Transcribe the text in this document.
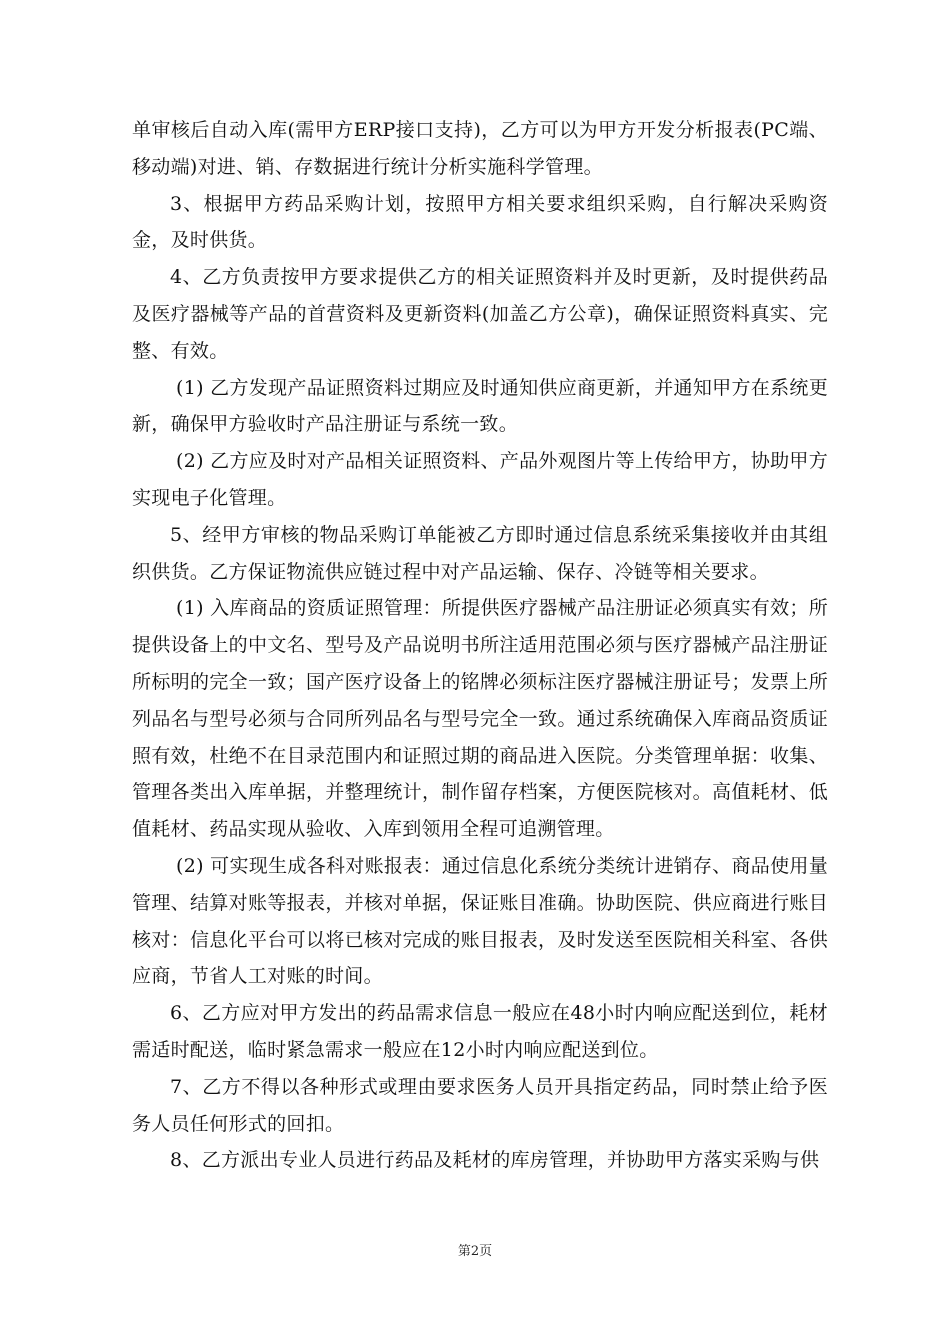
单审核后自动入库(需甲方ERP接口支持)，乙方可以为甲方开发分析报表(PC端、移动端)对进、销、存数据进行统计分析实施科学管理。

3、根据甲方药品采购计划，按照甲方相关要求组织采购，自行解决采购资金，及时供货。

4、乙方负责按甲方要求提供乙方的相关证照资料并及时更新，及时提供药品及医疗器械等产品的首营资料及更新资料(加盖乙方公章)，确保证照资料真实、完整、有效。

(1) 乙方发现产品证照资料过期应及时通知供应商更新，并通知甲方在系统更新，确保甲方验收时产品注册证与系统一致。

(2) 乙方应及时对产品相关证照资料、产品外观图片等上传给甲方，协助甲方实现电子化管理。

5、经甲方审核的物品采购订单能被乙方即时通过信息系统采集接收并由其组织供货。乙方保证物流供应链过程中对产品运输、保存、冷链等相关要求。

(1) 入库商品的资质证照管理：所提供医疗器械产品注册证必须真实有效；所提供设备上的中文名、型号及产品说明书所注适用范围必须与医疗器械产品注册证所标明的完全一致；国产医疗设备上的铭牌必须标注医疗器械注册证号；发票上所列品名与型号必须与合同所列品名与型号完全一致。通过系统确保入库商品资质证照有效，杜绝不在目录范围内和证照过期的商品进入医院。分类管理单据：收集、管理各类出入库单据，并整理统计，制作留存档案，方便医院核对。高值耗材、低值耗材、药品实现从验收、入库到领用全程可追溯管理。

(2) 可实现生成各科对账报表：通过信息化系统分类统计进销存、商品使用量管理、结算对账等报表，并核对单据，保证账目准确。协助医院、供应商进行账目核对：信息化平台可以将已核对完成的账目报表，及时发送至医院相关科室、各供应商，节省人工对账的时间。

6、乙方应对甲方发出的药品需求信息一般应在48小时内响应配送到位，耗材需适时配送，临时紧急需求一般应在12小时内响应配送到位。

7、乙方不得以各种形式或理由要求医务人员开具指定药品，同时禁止给予医务人员任何形式的回扣。

8、乙方派出专业人员进行药品及耗材的库房管理，并协助甲方落实采购与供

第2页
